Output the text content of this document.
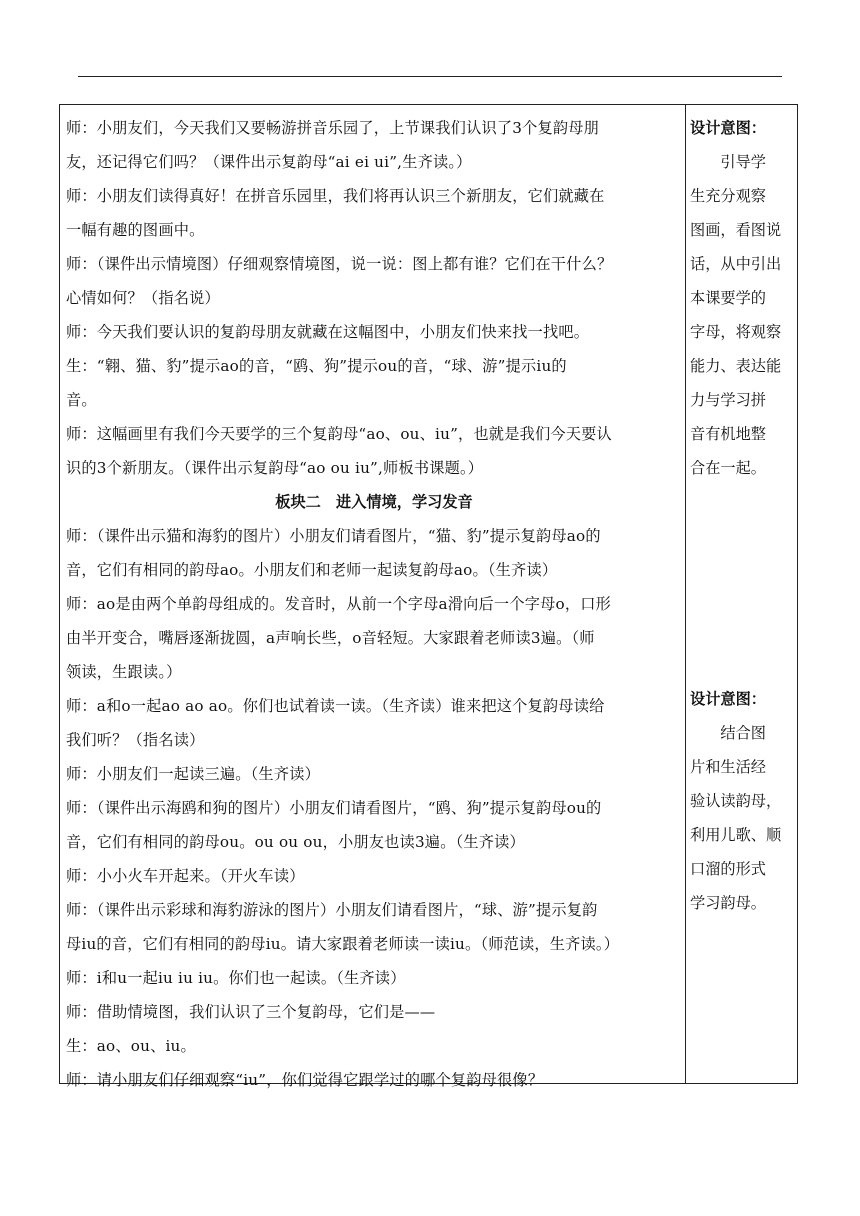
师：小朋友们，今天我们又要畅游拼音乐园了，上节课我们认识了3个复韵母朋

友，还记得它们吗？（课件出示复韵母“ai ei ui”,生齐读。）

师：小朋友们读得真好！在拼音乐园里，我们将再认识三个新朋友，它们就藏在

一幅有趣的图画中。

师：（课件出示情境图）仔细观察情境图，说一说：图上都有谁？它们在干什么？

心情如何？（指名说）

师：今天我们要认识的复韵母朋友就藏在这幅图中，小朋友们快来找一找吧。

生：“翱、猫、豹”提示ao的音，“鸥、狗”提示ou的音，“球、游”提示iu的

音。

师：这幅画里有我们今天要学的三个复韵母“ao、ou、iu”，也就是我们今天要认

识的3个新朋友。（课件出示复韵母“ao ou iu”,师板书课题。）

板块二　进入情境，学习发音

师：（课件出示猫和海豹的图片）小朋友们请看图片，“猫、豹”提示复韵母ao的

音，它们有相同的韵母ao。小朋友们和老师一起读复韵母ao。（生齐读）

师：ao是由两个单韵母组成的。发音时，从前一个字母a滑向后一个字母o，口形

由半开变合，嘴唇逐渐拢圆，a声响长些，o音轻短。大家跟着老师读3遍。（师

领读，生跟读。）

师：a和o一起ao ao ao。你们也试着读一读。（生齐读）谁来把这个复韵母读给

我们听？（指名读）

师：小朋友们一起读三遍。（生齐读）

师：（课件出示海鸥和狗的图片）小朋友们请看图片，“鸥、狗”提示复韵母ou的

音，它们有相同的韵母ou。ou ou ou，小朋友也读3遍。（生齐读）

师：小小火车开起来。（开火车读）

师：（课件出示彩球和海豹游泳的图片）小朋友们请看图片，“球、游”提示复韵

母iu的音，它们有相同的韵母iu。请大家跟着老师读一读iu。（师范读，生齐读。）

师：i和u一起iu iu iu。你们也一起读。（生齐读）

师：借助情境图，我们认识了三个复韵母，它们是——

生：ao、ou、iu。

师：请小朋友们仔细观察“iu”，你们觉得它跟学过的哪个复韵母很像？

设计意图：
引导学
生充分观察
图画，看图说
话，从中引出
本课要学的
字母，将观察
能力、表达能
力与学习拼
音有机地整
合在一起。
设计意图：
结合图
片和生活经
验认读韵母，
利用儿歌、顺
口溜的形式
学习韵母。
